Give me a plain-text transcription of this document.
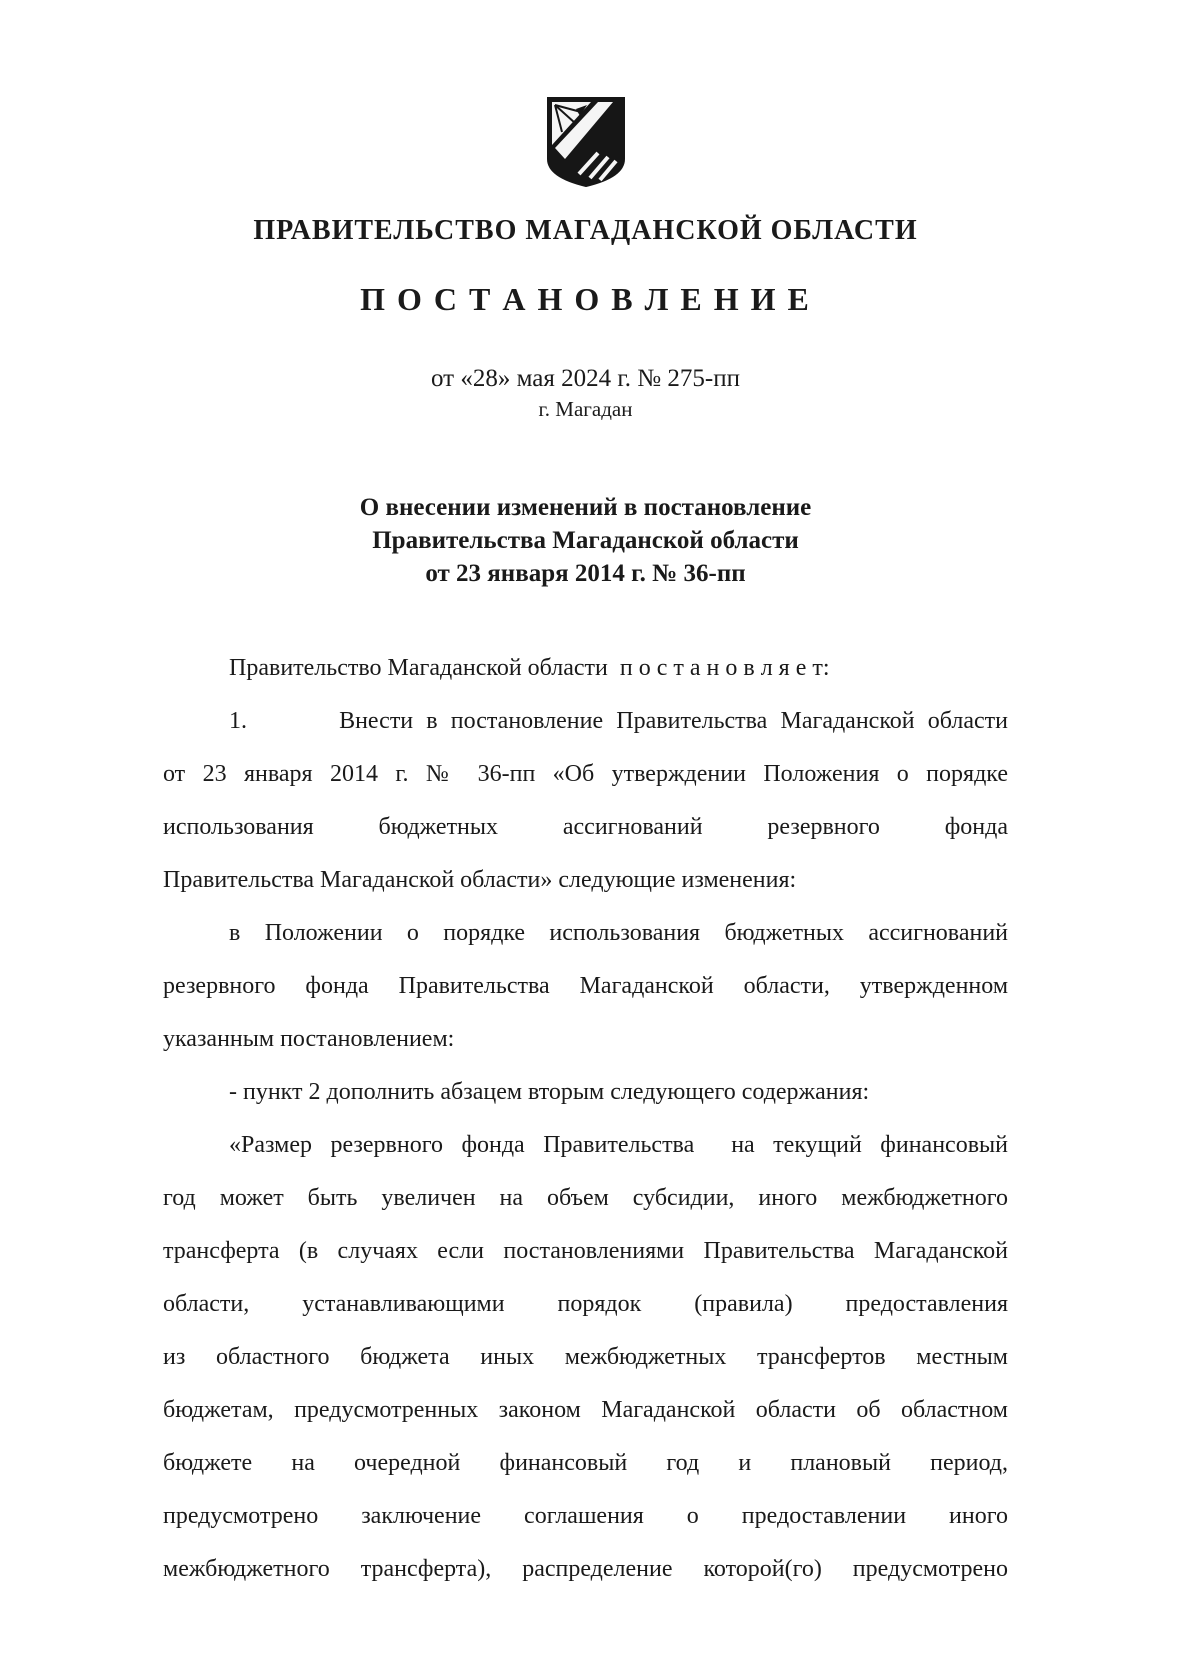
ПРАВИТЕЛЬСТВО МАГАДАНСКОЙ ОБЛАСТИ
П О С Т А Н О В Л Е Н И Е
от «28» мая 2024 г. № 275-пп
г. Магадан
О внесении изменений в постановление
Правительства Магаданской области
от 23 января 2014 г. № 36-пп
Правительство Магаданской области  п о с т а н о в л я е т:
1.       Внести в постановление Правительства Магаданской области
от 23 января 2014 г. № 36-пп «Об утверждении Положения о порядке
использования бюджетных ассигнований резервного фонда
Правительства Магаданской области» следующие изменения:
в Положении о порядке использования бюджетных ассигнований
резервного фонда Правительства Магаданской области, утвержденном
указанным постановлением:
- пункт 2 дополнить абзацем вторым следующего содержания:
«Размер резервного фонда Правительства  на текущий финансовый
год может быть увеличен на объем субсидии, иного межбюджетного
трансферта (в случаях если постановлениями Правительства Магаданской
области, устанавливающими порядок (правила) предоставления
из областного бюджета иных межбюджетных трансфертов местным
бюджетам, предусмотренных законом Магаданской области об областном
бюджете на очередной финансовый год и плановый период,
предусмотрено заключение соглашения о предоставлении иного
межбюджетного трансферта), распределение которой(го) предусмотрено
